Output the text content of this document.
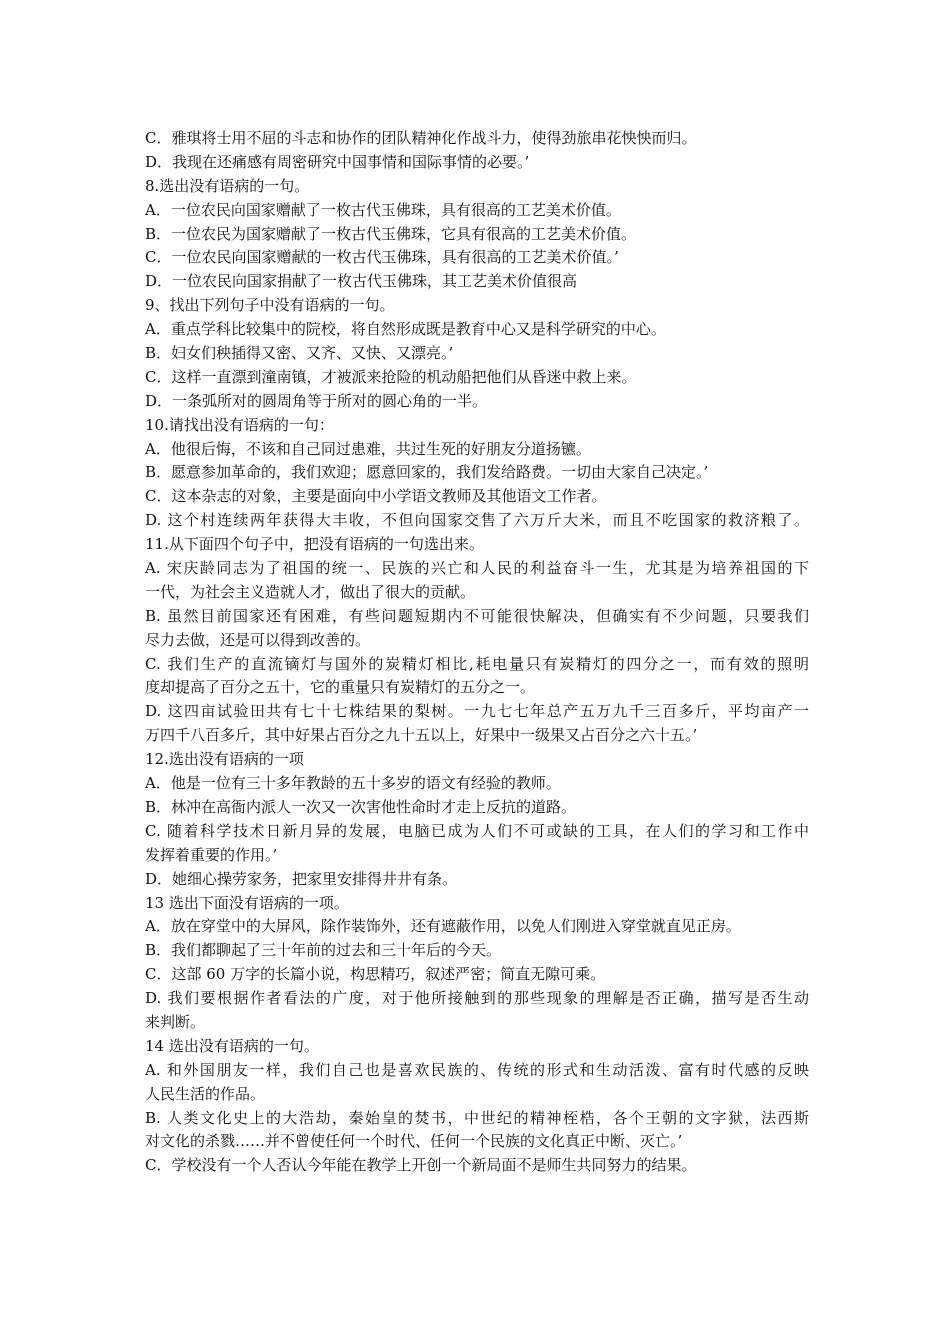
C．雅琪将士用不屈的斗志和协作的团队精神化作战斗力，使得劲旅串花怏怏而归。
D．我现在还痛感有周密研究中国事情和国际事情的必要。’
8.选出没有语病的一句。
A．一位农民向国家赠献了一枚古代玉佛珠，具有很高的工艺美术价值。
B．一位农民为国家赠献了一枚古代玉佛珠，它具有很高的工艺美术价值。
C．一位农民向国家赠献的一枚古代玉佛珠，具有很高的工艺美术价值。’
D．一位农民向国家捐献了一枚古代玉佛珠，其工艺美术价值很高
9、找出下列句子中没有语病的一句。
A．重点学科比较集中的院校，将自然形成既是教育中心又是科学研究的中心。
B．妇女们秧插得又密、又齐、又快、又漂亮。’
C．这样一直漂到潼南镇，才被派来抢险的机动船把他们从昏迷中救上来。
D．一条弧所对的圆周角等于所对的圆心角的一半。
10.请找出没有语病的一句：
A．他很后悔，不该和自己同过患难，共过生死的好朋友分道扬镳。
B．愿意参加革命的，我们欢迎；愿意回家的，我们发给路费。一切由大家自己决定。’
C．这本杂志的对象，主要是面向中小学语文教师及其他语文工作者。
D. 这个村连续两年获得大丰收，不但向国家交售了六万斤大米，而且不吃国家的救济粮了。
11.从下面四个句子中，把没有语病的一句选出来。
A. 宋庆龄同志为了祖国的统一、民族的兴亡和人民的利益奋斗一生，尤其是为培养祖国的下
一代，为社会主义造就人才，做出了很大的贡献。
B. 虽然目前国家还有困难，有些问题短期内不可能很快解决，但确实有不少问题，只要我们
尽力去做，还是可以得到改善的。
C. 我们生产的直流镝灯与国外的炭精灯相比,耗电量只有炭精灯的四分之一，而有效的照明
度却提高了百分之五十，它的重量只有炭精灯的五分之一。
D. 这四亩试验田共有七十七株结果的梨树。一九七七年总产五万九千三百多斤，平均亩产一
万四千八百多斤，其中好果占百分之九十五以上，好果中一级果又占百分之六十五。’
12.选出没有语病的一项
A．他是一位有三十多年教龄的五十多岁的语文有经验的教师。
B．林冲在高衙内派人一次又一次害他性命时才走上反抗的道路。
C. 随着科学技术日新月异的发展，电脑已成为人们不可或缺的工具，在人们的学习和工作中
发挥着重要的作用。’
D．她细心操劳家务，把家里安排得井井有条。
13 选出下面没有语病的一项。
A．放在穿堂中的大屏风，除作装饰外，还有遮蔽作用，以免人们刚进入穿堂就直见正房。
B．我们都聊起了三十年前的过去和三十年后的今天。
C．这部 60 万字的长篇小说，构思精巧，叙述严密；简直无隙可乘。
D. 我们要根据作者看法的广度，对于他所接触到的那些现象的理解是否正确，描写是否生动
来判断。
14 选出没有语病的一句。
A. 和外国朋友一样，我们自己也是喜欢民族的、传统的形式和生动活泼、富有时代感的反映
人民生活的作品。
B. 人类文化史上的大浩劫，秦始皇的焚书，中世纪的精神桎梏，各个王朝的文字狱，法西斯
对文化的杀戮……并不曾使任何一个时代、任何一个民族的文化真正中断、灭亡。’
C．学校没有一个人否认今年能在教学上开创一个新局面不是师生共同努力的结果。
